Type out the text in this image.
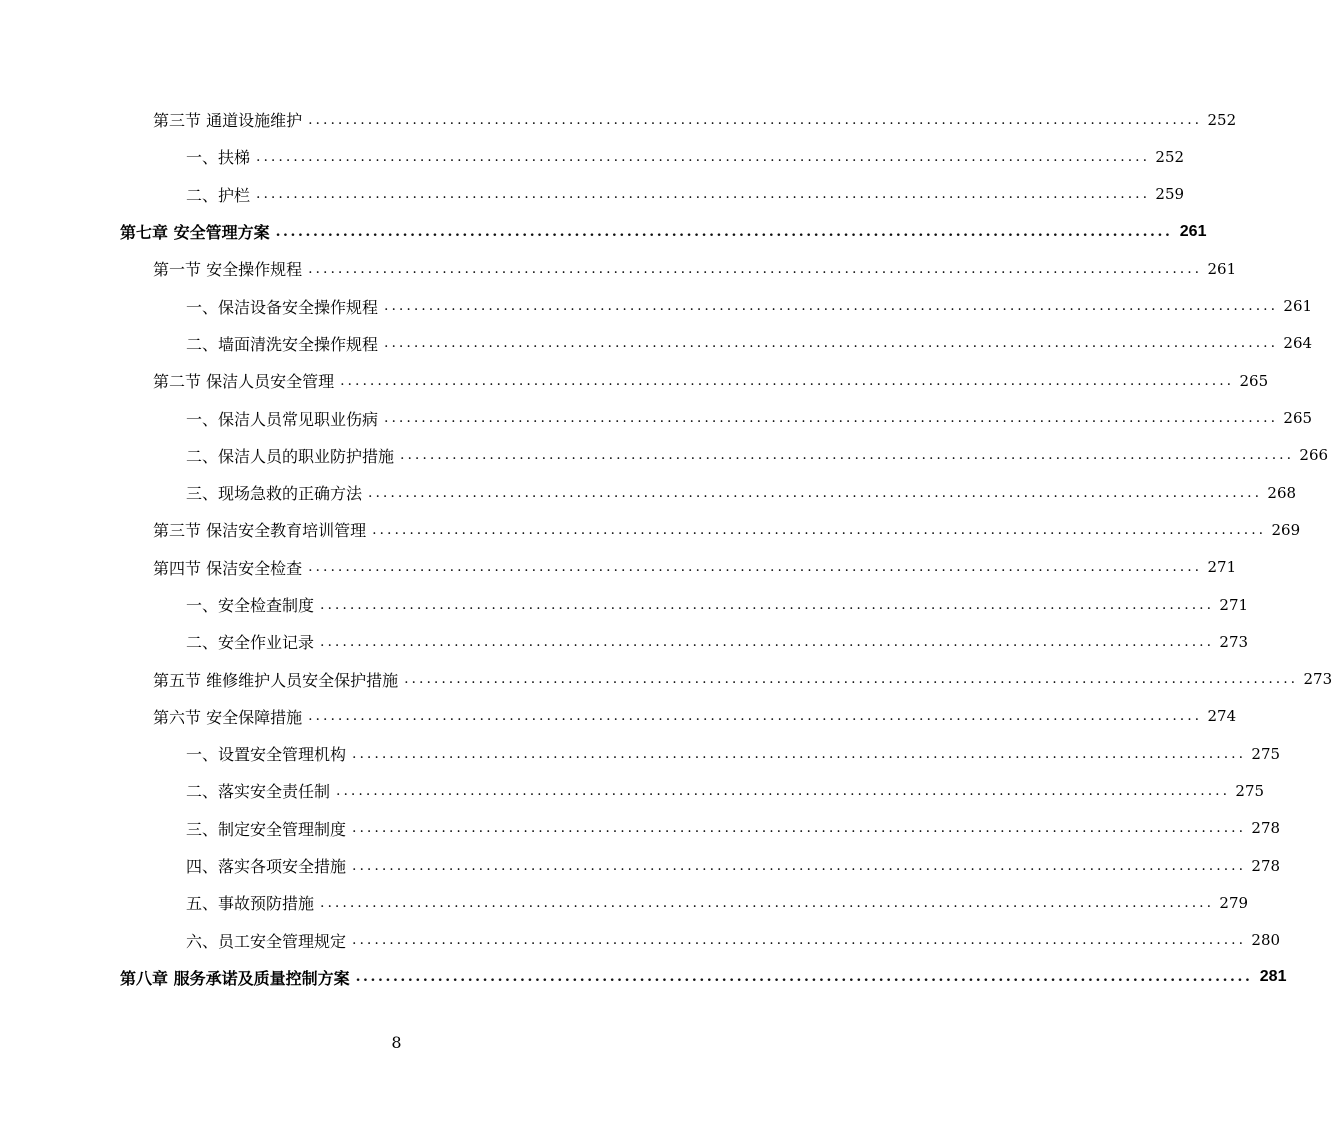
第三节 通道设施维护 ........................................................................................................................ 252
一、扶梯 ........................................................................................................................ 252
二、护栏 ........................................................................................................................ 259
第七章 安全管理方案 ........................................................................................................................ 261
第一节 安全操作规程 ........................................................................................................................ 261
一、保洁设备安全操作规程 ........................................................................................................................ 261
二、墙面清洗安全操作规程 ........................................................................................................................ 264
第二节 保洁人员安全管理 ........................................................................................................................ 265
一、保洁人员常见职业伤病 ........................................................................................................................ 265
二、保洁人员的职业防护措施 ........................................................................................................................ 266
三、现场急救的正确方法 ........................................................................................................................ 268
第三节 保洁安全教育培训管理 ........................................................................................................................ 269
第四节 保洁安全检查 ........................................................................................................................ 271
一、安全检查制度 ........................................................................................................................ 271
二、安全作业记录 ........................................................................................................................ 273
第五节 维修维护人员安全保护措施 ........................................................................................................................ 273
第六节 安全保障措施 ........................................................................................................................ 274
一、设置安全管理机构 ........................................................................................................................ 275
二、落实安全责任制 ........................................................................................................................ 275
三、制定安全管理制度 ........................................................................................................................ 278
四、落实各项安全措施 ........................................................................................................................ 278
五、事故预防措施 ........................................................................................................................ 279
六、员工安全管理规定 ........................................................................................................................ 280
第八章 服务承诺及质量控制方案 ........................................................................................................................ 281
8
